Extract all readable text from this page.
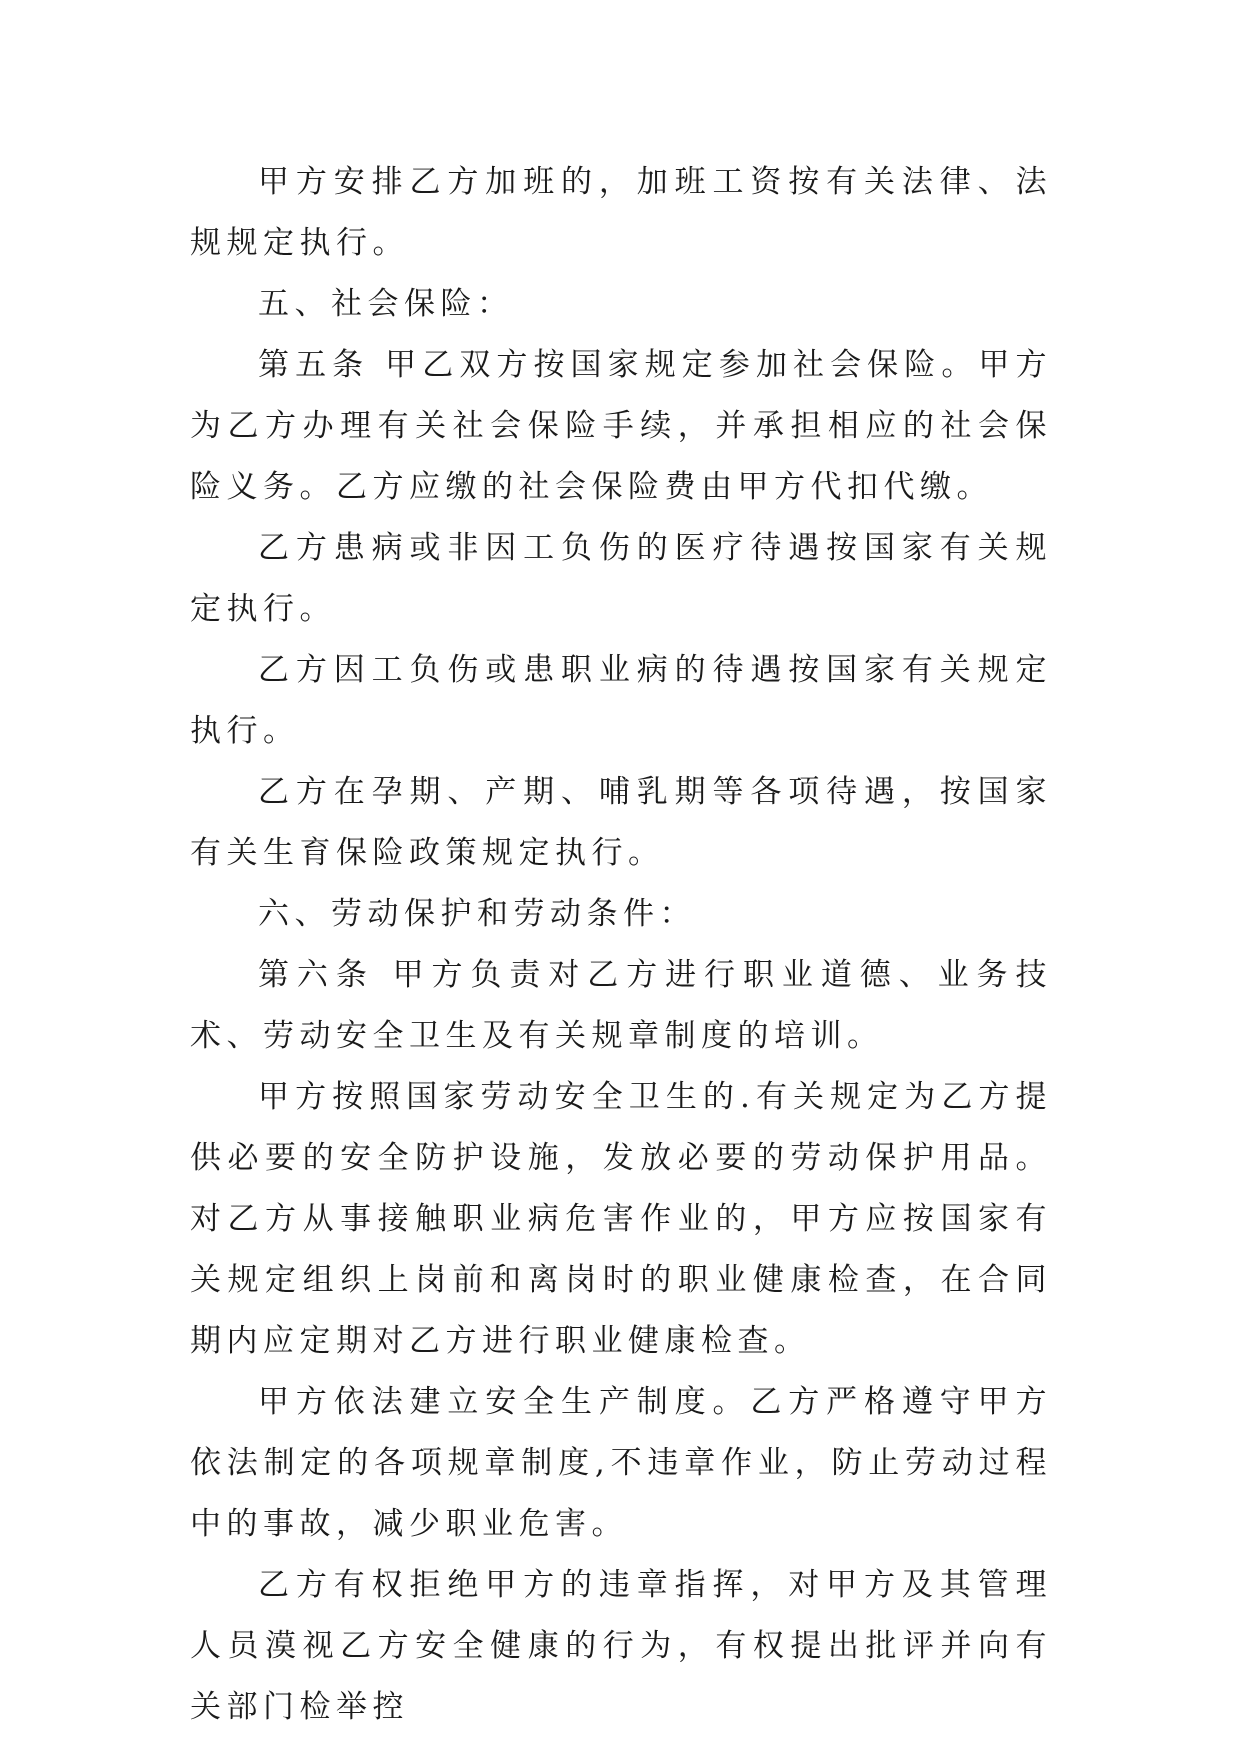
甲方安排乙方加班的，加班工资按有关法律、法规规定执行。

五、社会保险：

第五条 甲乙双方按国家规定参加社会保险。甲方为乙方办理有关社会保险手续，并承担相应的社会保险义务。乙方应缴的社会保险费由甲方代扣代缴。

乙方患病或非因工负伤的医疗待遇按国家有关规定执行。

乙方因工负伤或患职业病的待遇按国家有关规定执行。

乙方在孕期、产期、哺乳期等各项待遇，按国家有关生育保险政策规定执行。

六、劳动保护和劳动条件：

第六条 甲方负责对乙方进行职业道德、业务技术、劳动安全卫生及有关规章制度的培训。

甲方按照国家劳动安全卫生的.有关规定为乙方提供必要的安全防护设施，发放必要的劳动保护用品。对乙方从事接触职业病危害作业的，甲方应按国家有关规定组织上岗前和离岗时的职业健康检查，在合同期内应定期对乙方进行职业健康检查。

甲方依法建立安全生产制度。乙方严格遵守甲方依法制定的各项规章制度,不违章作业，防止劳动过程中的事故，减少职业危害。

乙方有权拒绝甲方的违章指挥，对甲方及其管理人员漠视乙方安全健康的行为，有权提出批评并向有关部门检举控
